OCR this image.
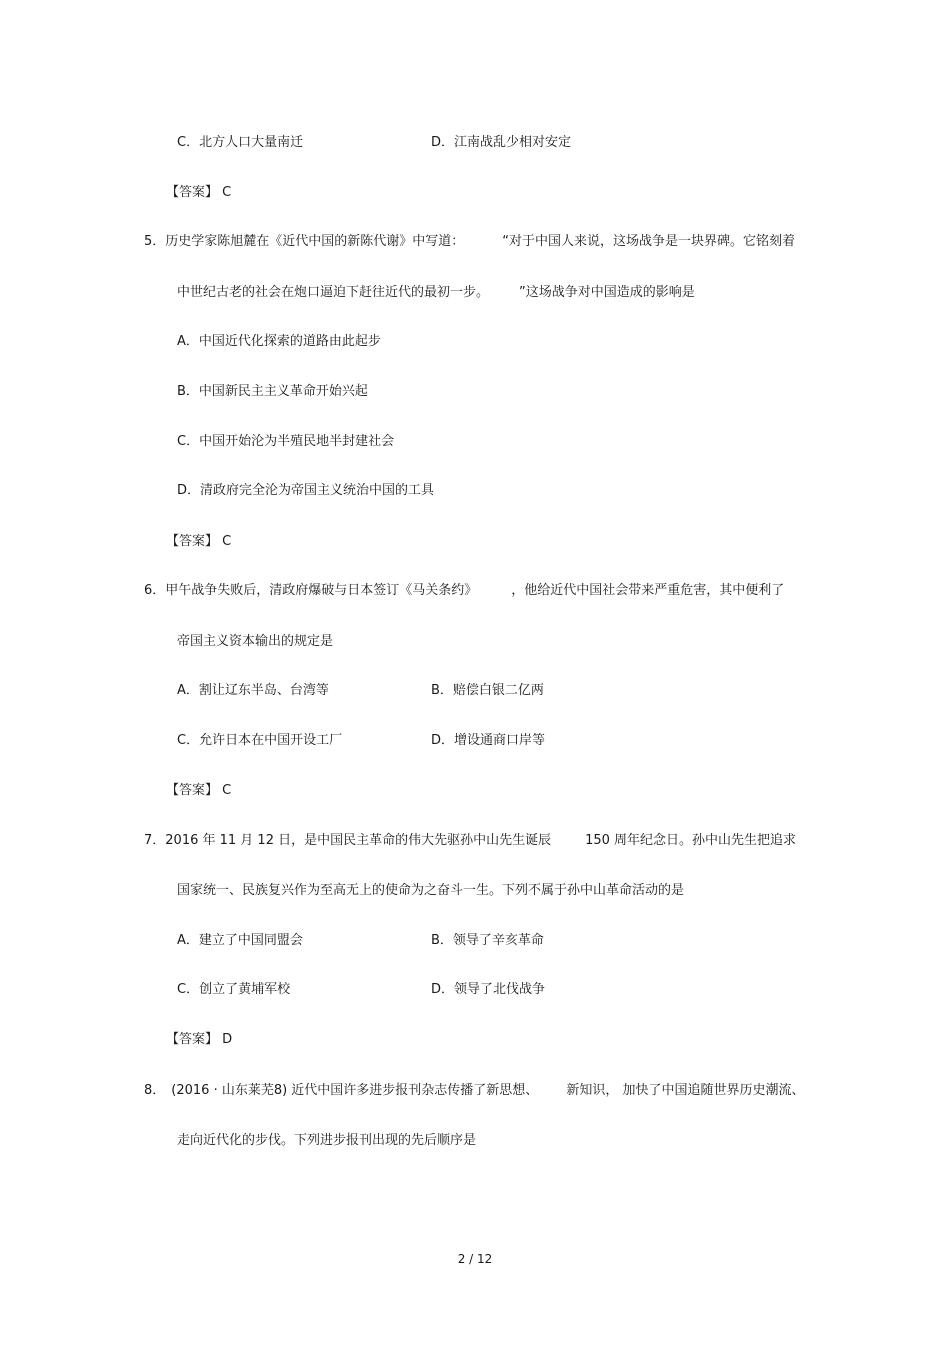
C．北方人口大量南迁	D．江南战乱少相对安定
【答案】 C
5．历史学家陈旭麓在《近代中国的新陈代谢》中写道：	“对于中国人来说，这场战争是一块界碑。它铭刻着
中世纪古老的社会在炮口逼迫下赶往近代的最初一步。 ”这场战争对中国造成的影响是
A．中国近代化探索的道路由此起步
B．中国新民主主义革命开始兴起
C．中国开始沦为半殖民地半封建社会
D．清政府完全沦为帝国主义统治中国的工具
【答案】 C
6．甲午战争失败后，清政府爆破与日本签订《马关条约》	，他给近代中国社会带来严重危害，其中便利了
帝国主义资本输出的规定是
A．割让辽东半岛、台湾等	B．赔偿白银二亿两
C．允许日本在中国开设工厂	D．增设通商口岸等
【答案】 C
7．2016 年 11 月 12 日，是中国民主革命的伟大先驱孙中山先生诞辰	150 周年纪念日。孙中山先生把追求
国家统一、民族复兴作为至高无上的使命为之奋斗一生。下列不属于孙中山革命活动的是
A．建立了中国同盟会	B．领导了辛亥革命
C．创立了黄埔军校	D．领导了北伐战争
【答案】 D
8． (2016 · 山东莱芜8) 近代中国许多进步报刊杂志传播了新思想、 新知识， 加快了中国追随世界历史潮流、
走向近代化的步伐。下列进步报刊出现的先后顺序是
2 / 12
